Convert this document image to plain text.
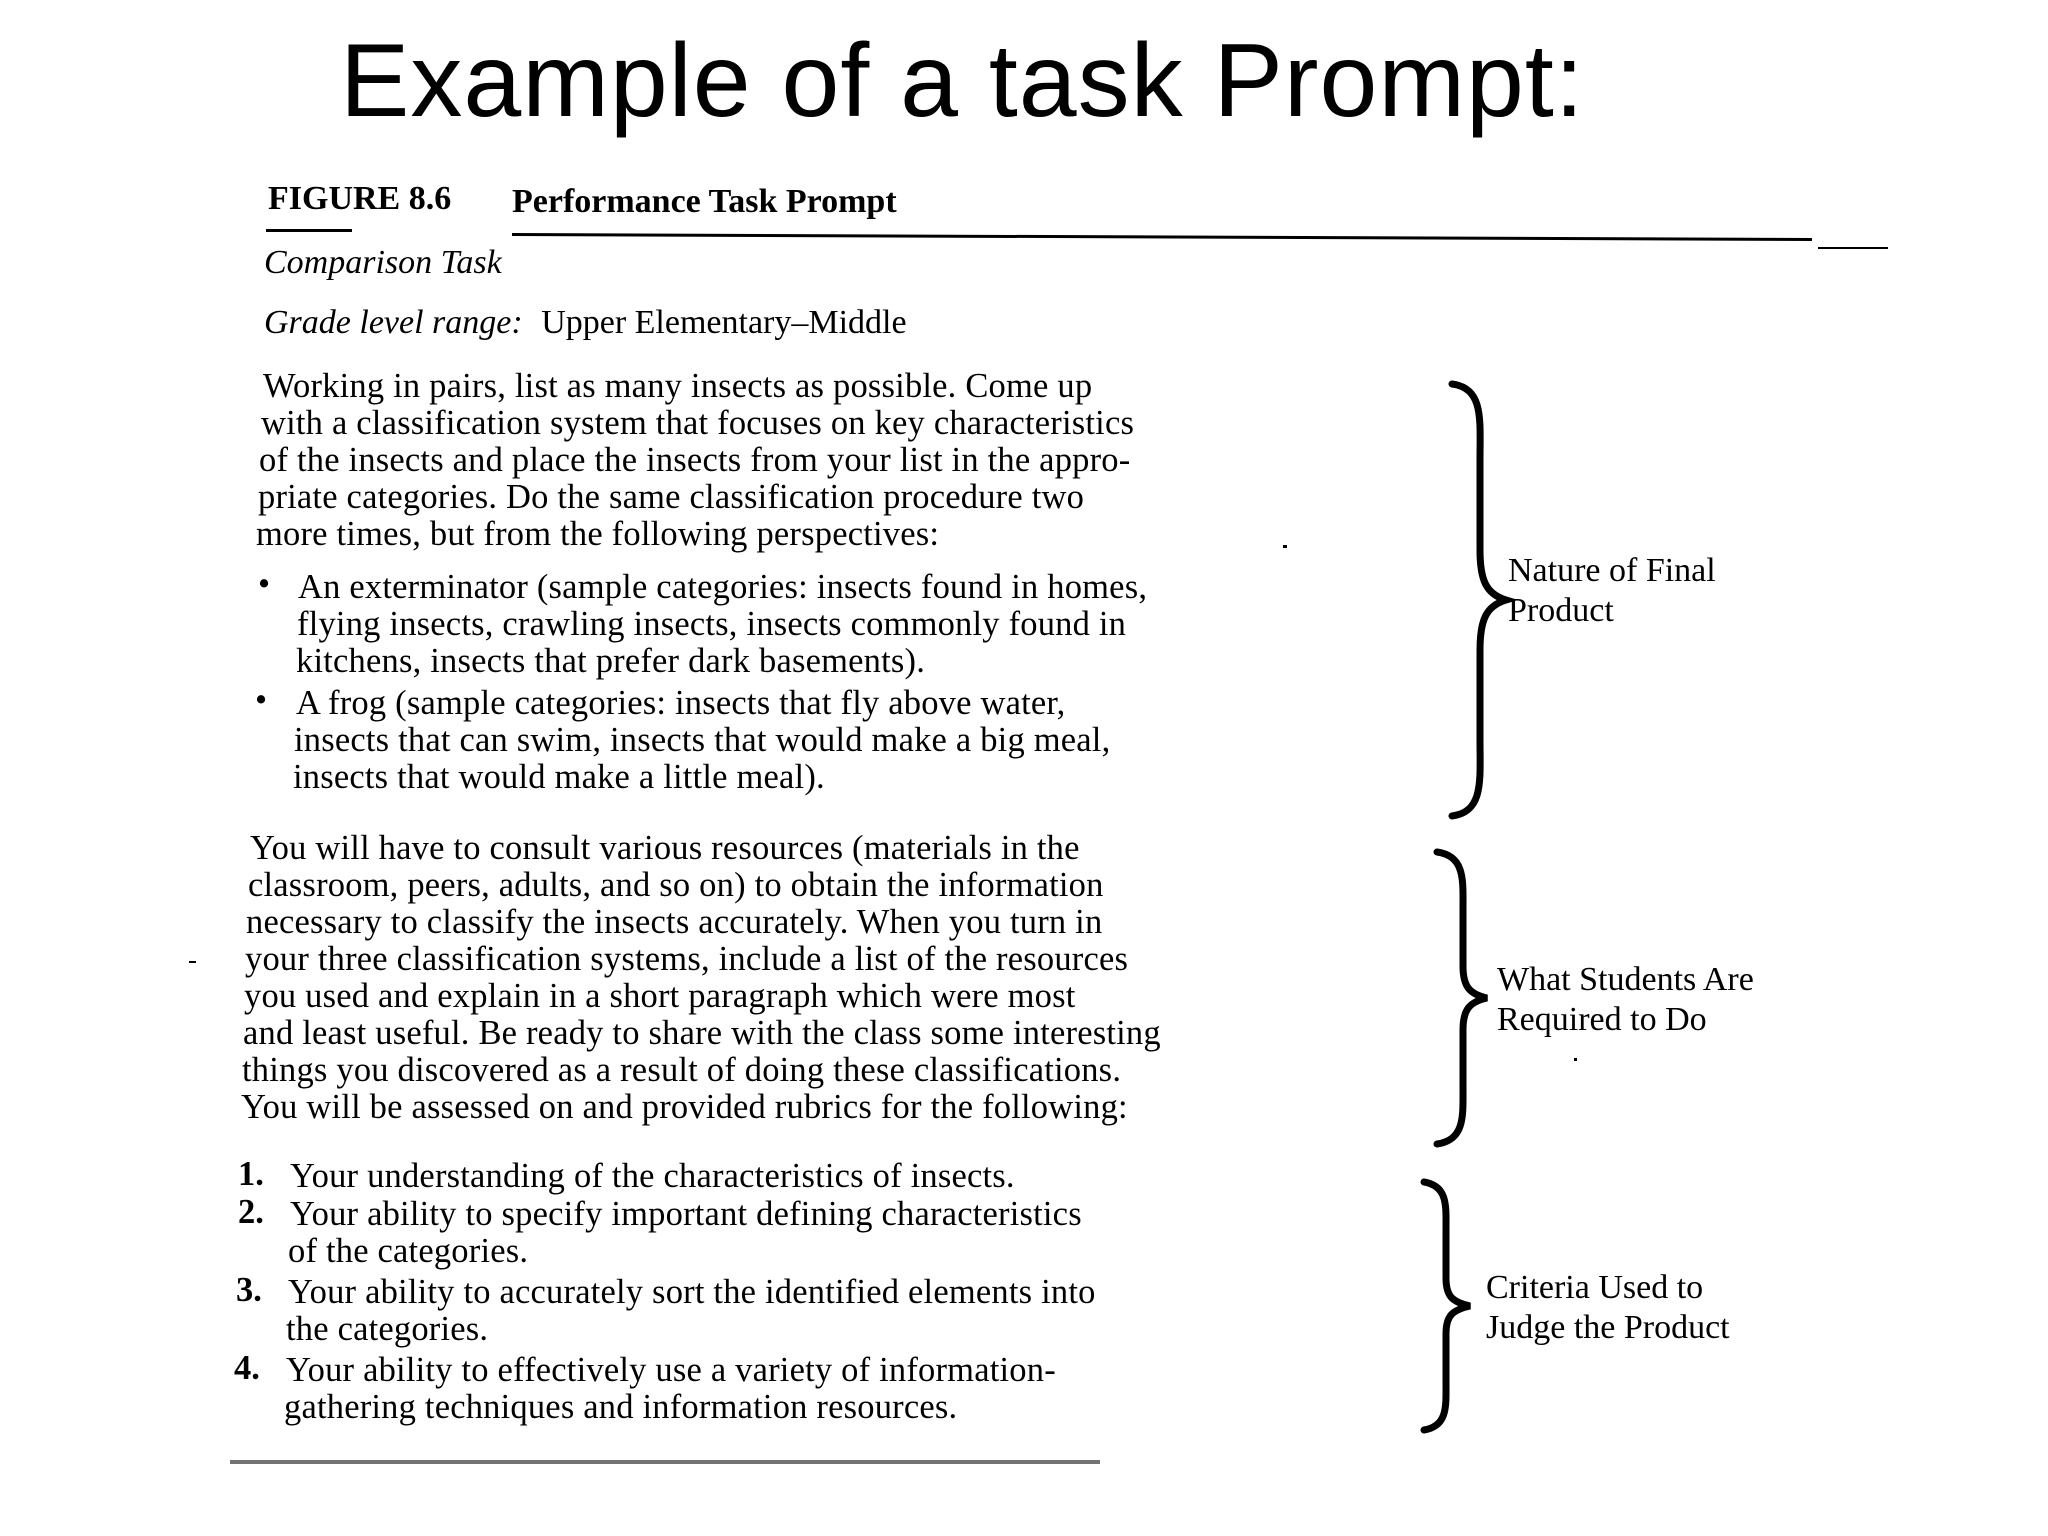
Example of a task Prompt:
FIGURE 8.6 Performance Task Prompt
Comparison Task
Grade level range: Upper Elementary–Middle
Working in pairs, list as many insects as possible. Come up
with a classification system that focuses on key characteristics
of the insects and place the insects from your list in the appro-
priate categories. Do the same classification procedure two
more times, but from the following perspectives:
• An exterminator (sample categories: insects found in homes,
flying insects, crawling insects, insects commonly found in
kitchens, insects that prefer dark basements).
• A frog (sample categories: insects that fly above water,
insects that can swim, insects that would make a big meal,
insects that would make a little meal).
Nature of Final
Product
You will have to consult various resources (materials in the
classroom, peers, adults, and so on) to obtain the information
necessary to classify the insects accurately. When you turn in
your three classification systems, include a list of the resources
you used and explain in a short paragraph which were most
and least useful. Be ready to share with the class some interesting
things you discovered as a result of doing these classifications.
You will be assessed on and provided rubrics for the following:
What Students Are
Required to Do
1. Your understanding of the characteristics of insects.
2. Your ability to specify important defining characteristics
of the categories.
3. Your ability to accurately sort the identified elements into
the categories.
4. Your ability to effectively use a variety of information-
gathering techniques and information resources.
Criteria Used to
Judge the Product
